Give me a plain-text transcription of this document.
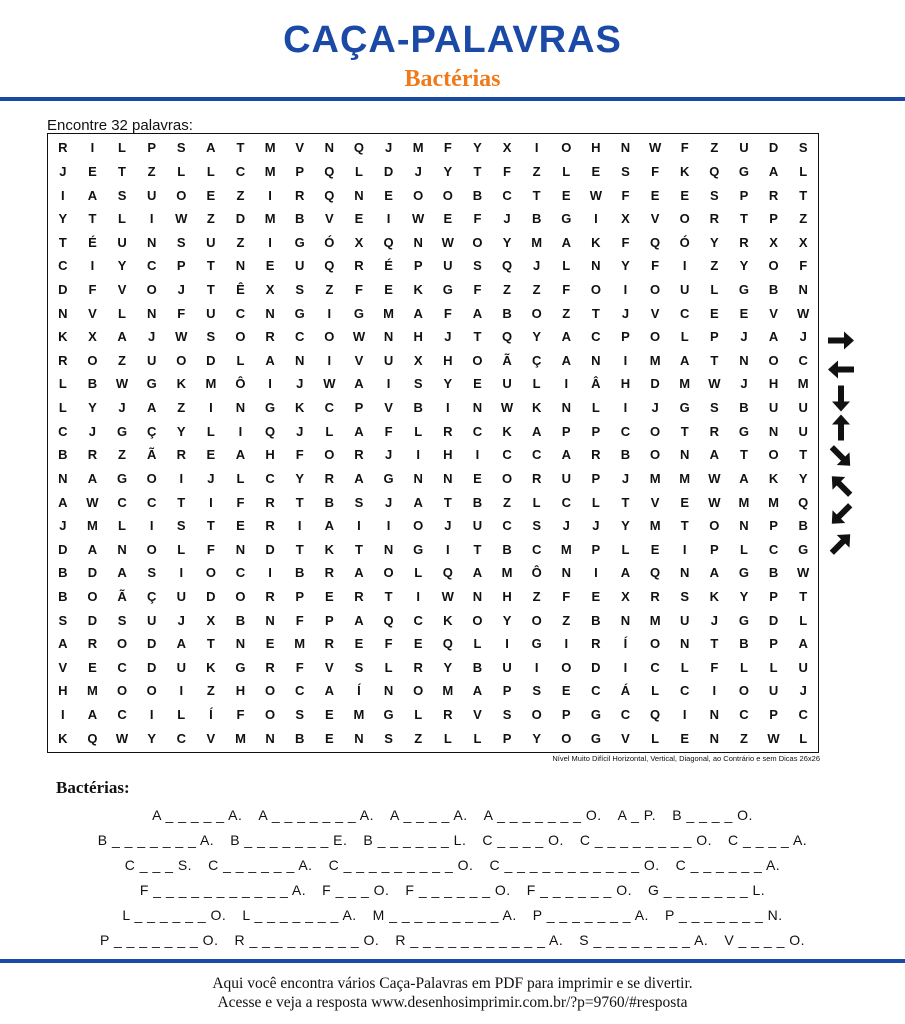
CAÇA-PALAVRAS
Bactérias
Encontre 32 palavras:
R	I	L	P	S	A	T	M	V	N	Q	J	M	F	Y	X	I	O	H	N	W	F	Z	U	D	S
J	E	T	Z	L	L	C	M	P	Q	L	D	J	Y	T	F	Z	L	E	S	F	K	Q	G	A	L
I	A	S	U	O	E	Z	I	R	Q	N	E	O	O	B	C	T	E	W	F	E	E	S	P	R	T
Y	T	L	I	W	Z	D	M	B	V	E	I	W	E	F	J	B	G	I	X	V	O	R	T	P	Z
T	É	U	N	S	U	Z	I	G	Ó	X	Q	N	W	O	Y	M	A	K	F	Q	Ó	Y	R	X	X
C	I	Y	C	P	T	N	E	U	Q	R	É	P	U	S	Q	J	L	N	Y	F	I	Z	Y	O	F
D	F	V	O	J	T	Ê	X	S	Z	F	E	K	G	F	Z	Z	F	O	I	O	U	L	G	B	N
N	V	L	N	F	U	C	N	G	I	G	M	A	F	A	B	O	Z	T	J	V	C	E	E	V	W
K	X	A	J	W	S	O	R	C	O	W	N	H	J	T	Q	Y	A	C	P	O	L	P	J	A	J
R	O	Z	U	O	D	L	A	N	I	V	U	X	H	O	Ã	Ç	A	N	I	M	A	T	N	O	C
L	B	W	G	K	M	Ô	I	J	W	A	I	S	Y	E	U	L	I	Â	H	D	M	W	J	H	M
L	Y	J	A	Z	I	N	G	K	C	P	V	B	I	N	W	K	N	L	I	J	G	S	B	U	U
C	J	G	Ç	Y	L	I	Q	J	L	A	F	L	R	C	K	A	P	P	C	O	T	R	G	N	U
B	R	Z	Ã	R	E	A	H	F	O	R	J	I	H	I	C	C	A	R	B	O	N	A	T	O	T
N	A	G	O	I	J	L	C	Y	R	A	G	N	N	E	O	R	U	P	J	M	M	W	A	K	Y
A	W	C	C	T	I	F	R	T	B	S	J	A	T	B	Z	L	C	L	T	V	E	W	M	M	Q
J	M	L	I	S	T	E	R	I	A	I	I	O	J	U	C	S	J	J	Y	M	T	O	N	P	B
D	A	N	O	L	F	N	D	T	K	T	N	G	I	T	B	C	M	P	L	E	I	P	L	C	G
B	D	A	S	I	O	C	I	B	R	A	O	L	Q	A	M	Ô	N	I	A	Q	N	A	G	B	W
B	O	Ã	Ç	U	D	O	R	P	E	R	T	I	W	N	H	Z	F	E	X	R	S	K	Y	P	T
S	D	S	U	J	X	B	N	F	P	A	Q	C	K	O	Y	O	Z	B	N	M	U	J	G	D	L
A	R	O	D	A	T	N	E	M	R	E	F	E	Q	L	I	G	I	R	Í	O	N	T	B	P	A
V	E	C	D	U	K	G	R	F	V	S	L	R	Y	B	U	I	O	D	I	C	L	F	L	L	U
H	M	O	O	I	Z	H	O	C	A	Í	N	O	M	A	P	S	E	C	Á	L	C	I	O	U	J
I	A	C	I	L	Í	F	O	S	E	M	G	L	R	V	S	O	P	G	C	Q	I	N	C	P	C
K	Q	W	Y	C	V	M	N	B	E	N	S	Z	L	L	P	Y	O	G	V	L	E	N	Z	W	L
Nível Muito Difícil Horizontal, Vertical, Diagonal, ao Contrário e sem Dicas 26x26
Bactérias:
A _ _ _ _ _ A. A _ _ _ _ _ _ _ A. A _ _ _ _ A. A _ _ _ _ _ _ _ O. A _ P. B _ _ _ _ O.
B _ _ _ _ _ _ _ A. B _ _ _ _ _ _ _ E. B _ _ _ _ _ _ L. C _ _ _ _ O. C _ _ _ _ _ _ _ _ O. C _ _ _ _ A.
C _ _ _ S. C _ _ _ _ _ _ A. C _ _ _ _ _ _ _ _ _ O. C _ _ _ _ _ _ _ _ _ _ _ O. C _ _ _ _ _ _ A.
F _ _ _ _ _ _ _ _ _ _ _ A. F _ _ _ O. F _ _ _ _ _ _ O. F _ _ _ _ _ _ O. G _ _ _ _ _ _ _ L.
L _ _ _ _ _ _ O. L _ _ _ _ _ _ _ A. M _ _ _ _ _ _ _ _ _ A. P _ _ _ _ _ _ _ A. P _ _ _ _ _ _ _ N.
P _ _ _ _ _ _ _ O. R _ _ _ _ _ _ _ _ _ O. R _ _ _ _ _ _ _ _ _ _ _ A. S _ _ _ _ _ _ _ _ A. V _ _ _ _ O.
Aqui você encontra vários Caça-Palavras em PDF para imprimir e se divertir.
Acesse e veja a resposta www.desenhosimprimir.com.br/?p=9760/#resposta
